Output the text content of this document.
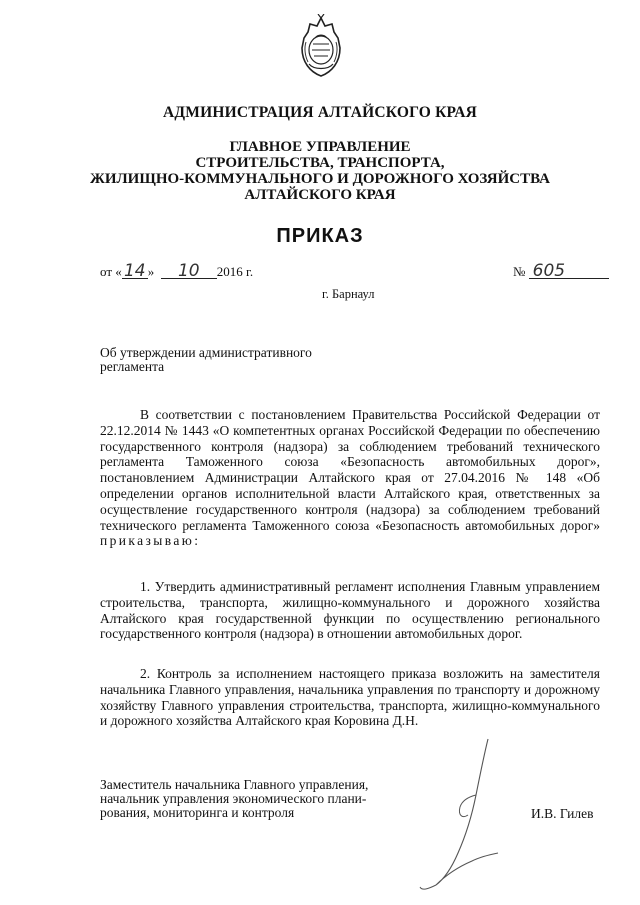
АДМИНИСТРАЦИЯ АЛТАЙСКОГО КРАЯ
ГЛАВНОЕ УПРАВЛЕНИЕ
СТРОИТЕЛЬСТВА, ТРАНСПОРТА,
ЖИЛИЩНО-КОММУНАЛЬНОГО И ДОРОЖНОГО ХОЗЯЙСТВА
АЛТАЙСКОГО КРАЯ
ПРИКАЗ
от « 14 » 10 2016 г.	№ 605
г. Барнаул
Об утверждении административного
регламента

В соответствии с постановлением Правительства Российской Федерации от 22.12.2014 № 1443 «О компетентных органах Российской Федерации по обеспечению государственного контроля (надзора) за соблюдением требований технического регламента Таможенного союза «Безопасность автомобильных дорог», постановлением Администрации Алтайского края от 27.04.2016 № 148 «Об определении органов исполнительной власти Алтайского края, ответственных за осуществление государственного контроля (надзора) за соблюдением требований технического регламента Таможенного союза «Безопасность автомобильных дорог» приказываю:

1. Утвердить административный регламент исполнения Главным управлением строительства, транспорта, жилищно-коммунального и дорожного хозяйства Алтайского края государственной функции по осуществлению регионального государственного контроля (надзора) в отношении автомобильных дорог.

2. Контроль за исполнением настоящего приказа возложить на заместителя начальника Главного управления, начальника управления по транспорту и дорожному хозяйству Главного управления строительства, транспорта, жилищно-коммунального и дорожного хозяйства Алтайского края Коровина Д.Н.

Заместитель начальника Главного управления,
начальник управления экономического плани-
рования, мониторинга и контроля	И.В. Гилев
